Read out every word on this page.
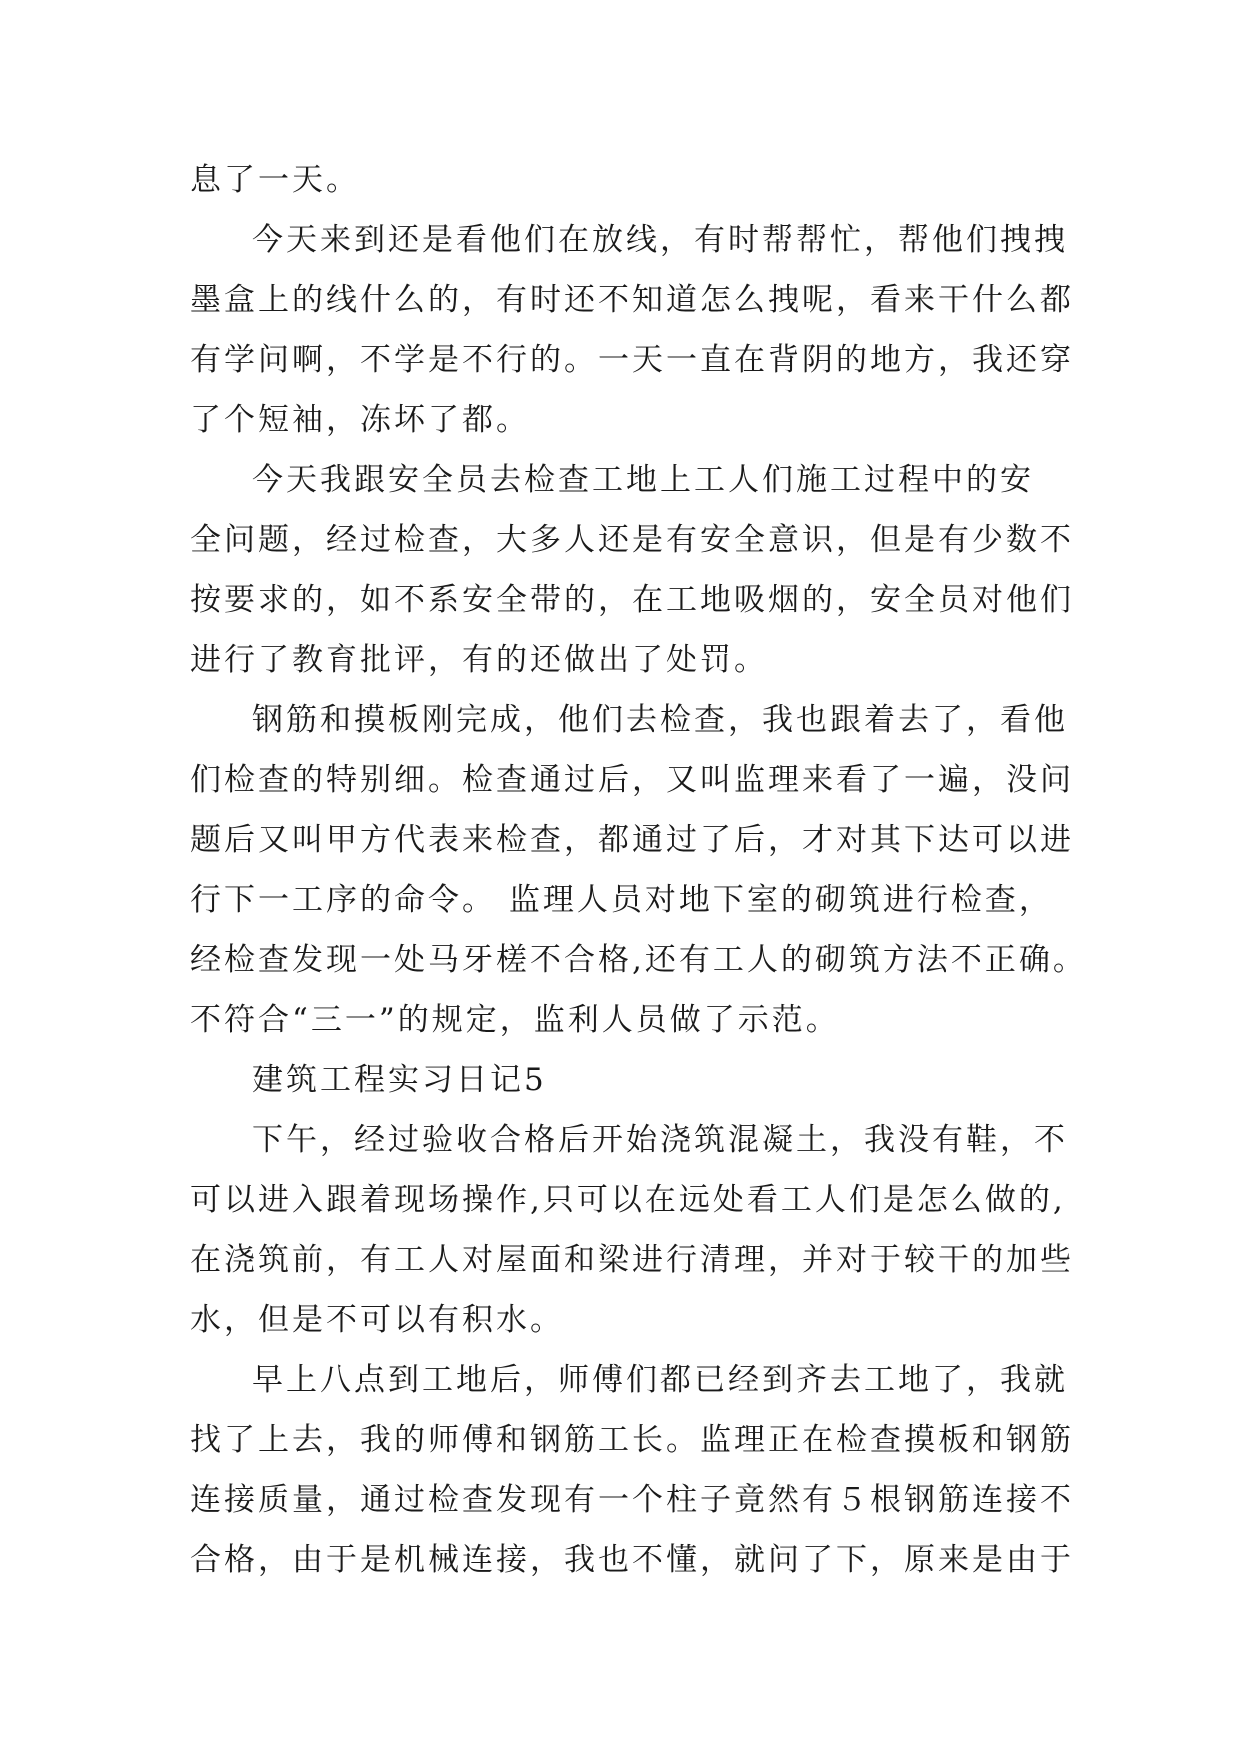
息了一天。
今天来到还是看他们在放线，有时帮帮忙，帮他们拽拽
墨盒上的线什么的，有时还不知道怎么拽呢，看来干什么都
有学问啊，不学是不行的。一天一直在背阴的地方，我还穿
了个短袖，冻坏了都。
今天我跟安全员去检查工地上工人们施工过程中的安
全问题，经过检查，大多人还是有安全意识，但是有少数不
按要求的，如不系安全带的，在工地吸烟的，安全员对他们
进行了教育批评，有的还做出了处罚。
钢筋和摸板刚完成，他们去检查，我也跟着去了，看他
们检查的特别细。检查通过后，又叫监理来看了一遍，没问
题后又叫甲方代表来检查，都通过了后，才对其下达可以进
行下一工序的命令。 监理人员对地下室的砌筑进行检查，
经检查发现一处马牙槎不合格,还有工人的砌筑方法不正确。
不符合“三一”的规定，监利人员做了示范。
建筑工程实习日记5
下午，经过验收合格后开始浇筑混凝土，我没有鞋，不
可以进入跟着现场操作,只可以在远处看工人们是怎么做的,
在浇筑前，有工人对屋面和梁进行清理，并对于较干的加些
水，但是不可以有积水。
早上八点到工地后，师傅们都已经到齐去工地了，我就
找了上去，我的师傅和钢筋工长。监理正在检查摸板和钢筋
连接质量，通过检查发现有一个柱子竟然有５根钢筋连接不
合格，由于是机械连接，我也不懂，就问了下，原来是由于
